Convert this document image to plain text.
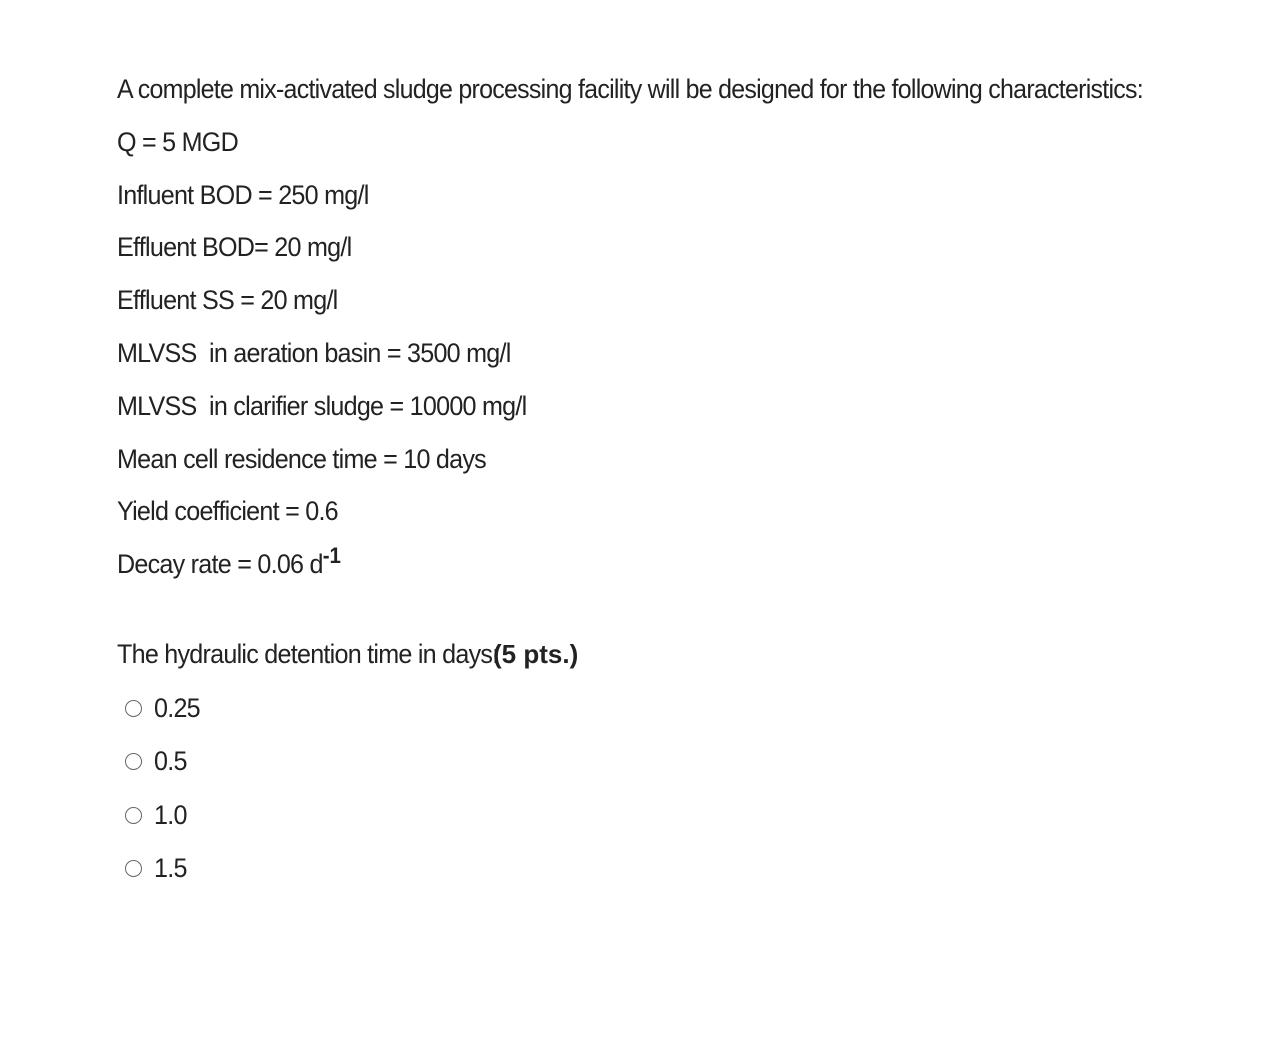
A complete mix-activated sludge processing facility will be designed for the following characteristics:
Q = 5 MGD
Influent BOD = 250 mg/l
Effluent BOD= 20 mg/l
Effluent SS = 20 mg/l
MLVSS  in aeration basin = 3500 mg/l
MLVSS  in clarifier sludge = 10000 mg/l
Mean cell residence time = 10 days
Yield coefficient = 0.6
Decay rate = 0.06 $d^{-1}$
The hydraulic detention time in days:
(5 pts.)
0.25
0.5
1.0
1.5
